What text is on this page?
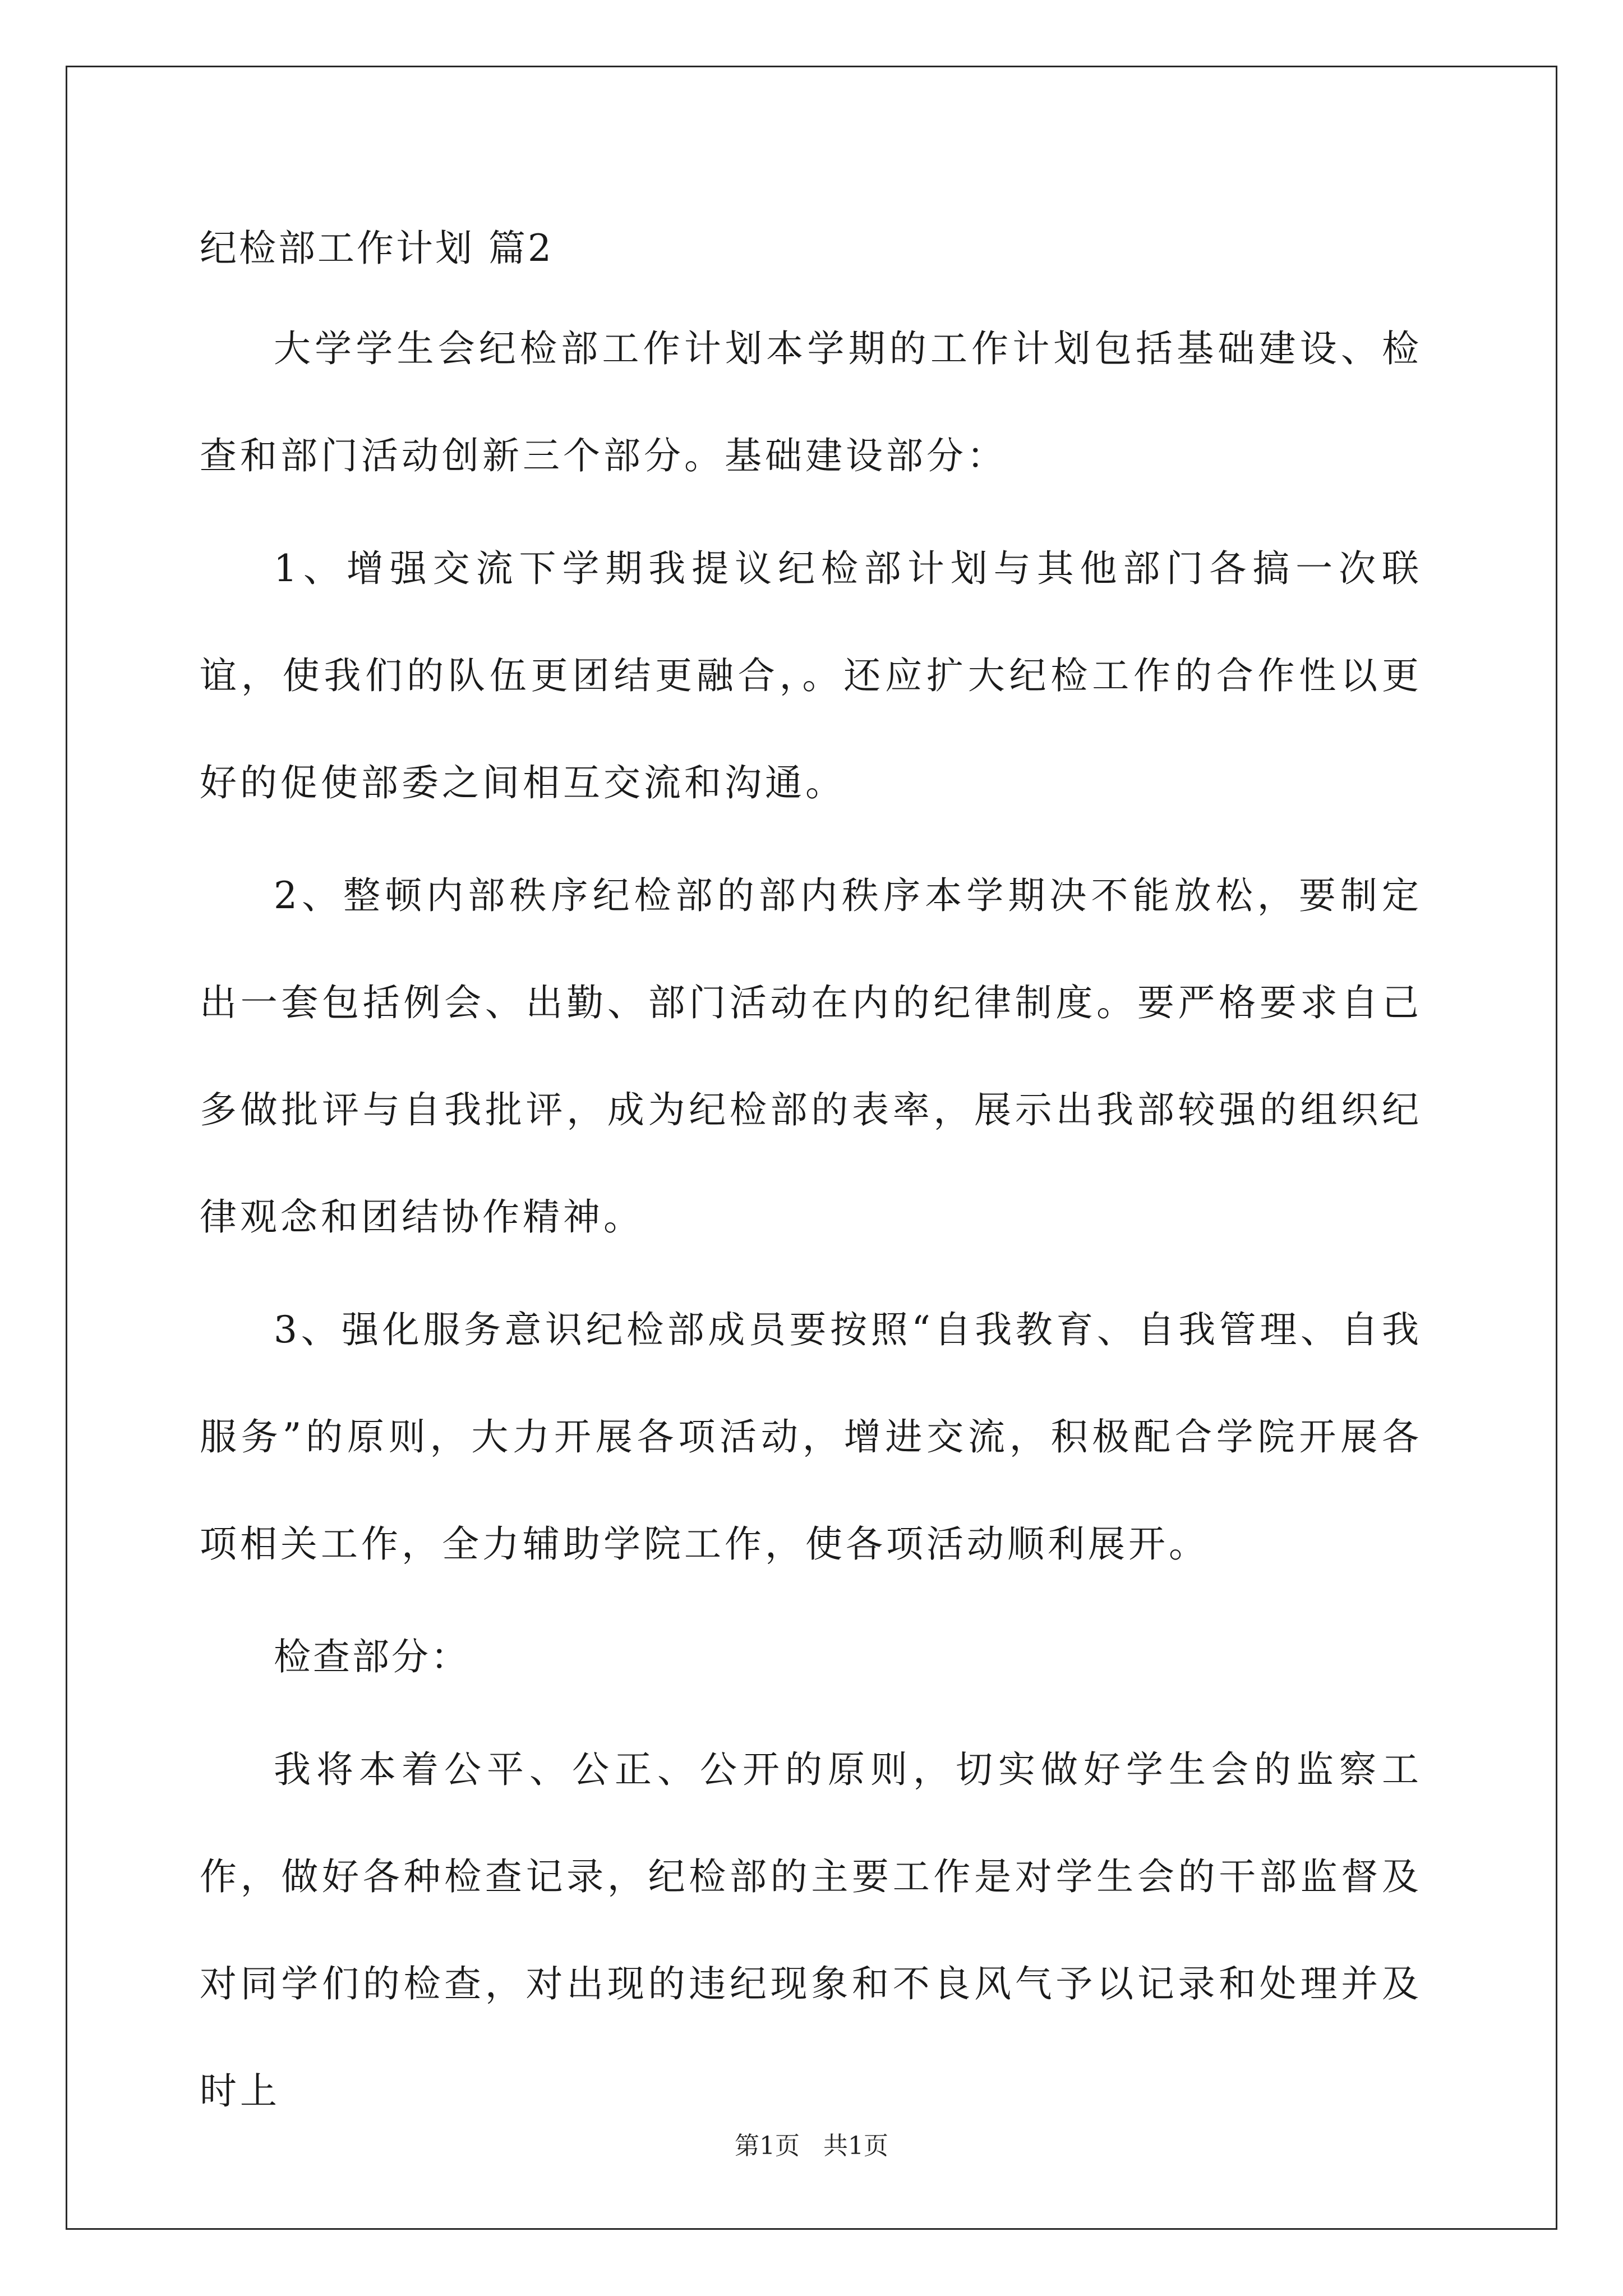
纪检部工作计划 篇2

大学学生会纪检部工作计划本学期的工作计划包括基础建设、检查和部门活动创新三个部分。基础建设部分：

1、增强交流下学期我提议纪检部计划与其他部门各搞一次联谊，使我们的队伍更团结更融合，。还应扩大纪检工作的合作性以更好的促使部委之间相互交流和沟通。

2、整顿内部秩序纪检部的部内秩序本学期决不能放松，要制定出一套包括例会、出勤、部门活动在内的纪律制度。要严格要求自己多做批评与自我批评，成为纪检部的表率，展示出我部较强的组织纪律观念和团结协作精神。

3、强化服务意识纪检部成员要按照“自我教育、自我管理、自我服务”的原则，大力开展各项活动，增进交流，积极配合学院开展各项相关工作，全力辅助学院工作，使各项活动顺利展开。

检查部分：

我将本着公平、公正、公开的原则，切实做好学生会的监察工作，做好各种检查记录，纪检部的主要工作是对学生会的干部监督及对同学们的检查，对出现的违纪现象和不良风气予以记录和处理并及时上

第1页   共1页
